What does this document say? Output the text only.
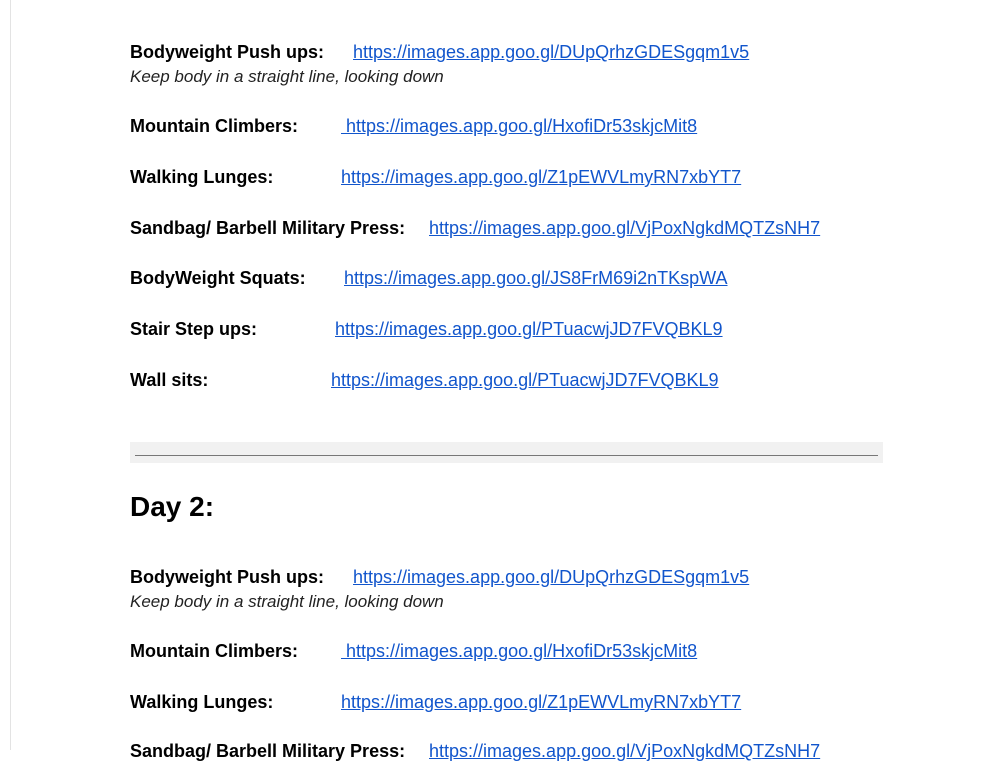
Bodyweight Push ups: https://images.app.goo.gl/DUpQrhzGDESgqm1v5
Keep body in a straight line, looking down
Mountain Climbers: https://images.app.goo.gl/HxofiDr53skjcMit8
Walking Lunges:	https://images.app.goo.gl/Z1pEWVLmyRN7xbYT7
Sandbag/ Barbell Military Press: https://images.app.goo.gl/VjPoxNgkdMQTZsNH7
BodyWeight Squats: https://images.app.goo.gl/JS8FrM69i2nTKspWA
Stair Step ups:	https://images.app.goo.gl/PTuacwjJD7FVQBKL9
Wall sits:	https://images.app.goo.gl/PTuacwjJD7FVQBKL9
Day 2:
Bodyweight Push ups: https://images.app.goo.gl/DUpQrhzGDESgqm1v5
Keep body in a straight line, looking down
Mountain Climbers: https://images.app.goo.gl/HxofiDr53skjcMit8
Walking Lunges:	https://images.app.goo.gl/Z1pEWVLmyRN7xbYT7
Sandbag/ Barbell Military Press: https://images.app.goo.gl/VjPoxNgkdMQTZsNH7
